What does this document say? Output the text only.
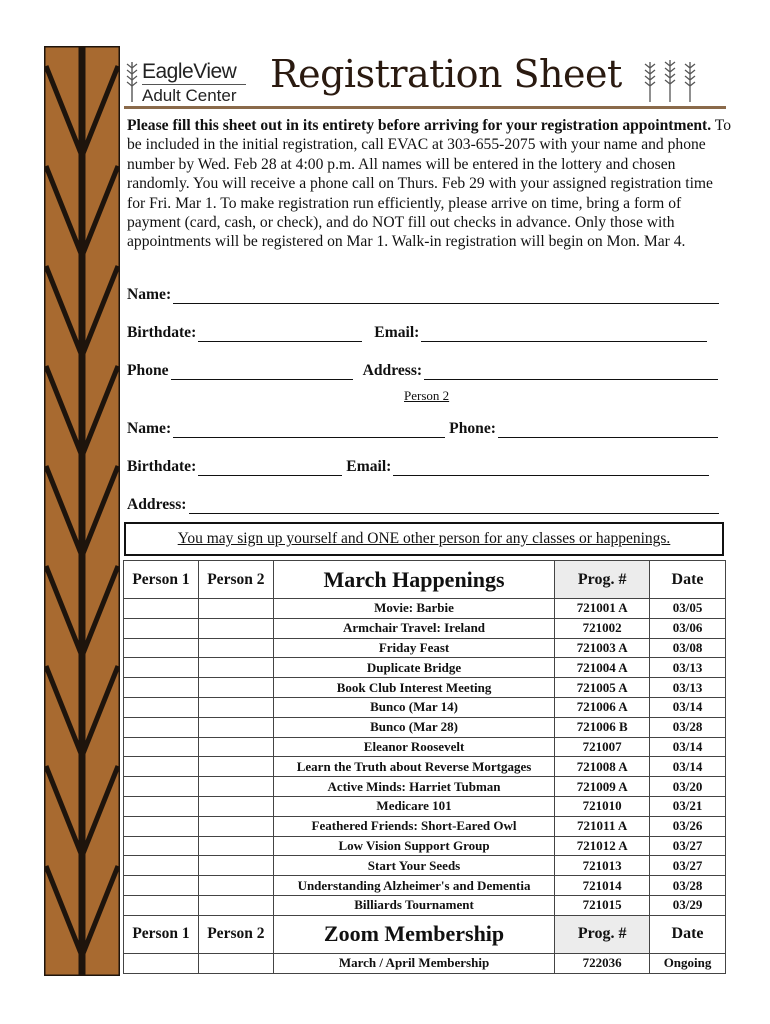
EagleView
Adult Center Registration Sheet
Please fill this sheet out in its entirety before arriving for your registration appointment. To be included in the initial registration, call EVAC at 303-655-2075 with your name and phone number by Wed. Feb 28 at 4:00 p.m. All names will be entered in the lottery and chosen randomly. You will receive a phone call on Thurs. Feb 29 with your assigned registration time for Fri. Mar 1. To make registration run efficiently, please arrive on time, bring a form of payment (card, cash, or check), and do NOT fill out checks in advance. Only those with appointments will be registered on Mar 1. Walk-in registration will begin on Mon. Mar 4.
Name:
Birthdate:	Email:
Phone	Address:
Person 2
Name:	Phone:
Birthdate:	Email:
Address:
You may sign up yourself and ONE other person for any classes or happenings.
Person 1	Person 2	March Happenings	Prog. #	Date
		Movie: Barbie	721001 A	03/05
		Armchair Travel: Ireland	721002	03/06
		Friday Feast	721003 A	03/08
		Duplicate Bridge	721004 A	03/13
		Book Club Interest Meeting	721005 A	03/13
		Bunco (Mar 14)	721006 A	03/14
		Bunco (Mar 28)	721006 B	03/28
		Eleanor Roosevelt	721007	03/14
		Learn the Truth about Reverse Mortgages	721008 A	03/14
		Active Minds: Harriet Tubman	721009 A	03/20
		Medicare 101	721010	03/21
		Feathered Friends: Short-Eared Owl	721011 A	03/26
		Low Vision Support Group	721012 A	03/27
		Start Your Seeds	721013	03/27
		Understanding Alzheimer's and Dementia	721014	03/28
		Billiards Tournament	721015	03/29
Person 1	Person 2	Zoom Membership	Prog. #	Date
		March / April Membership	722036	Ongoing
